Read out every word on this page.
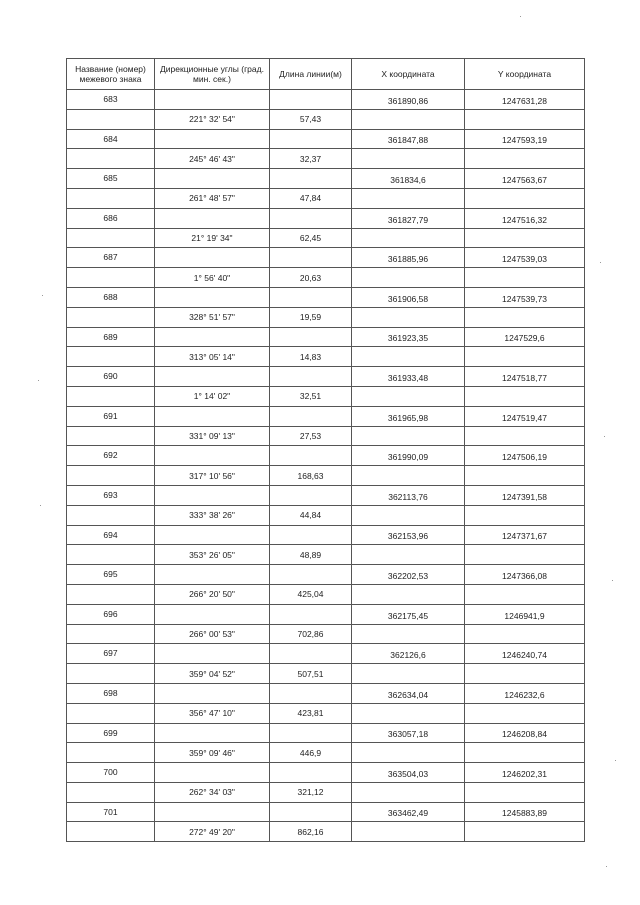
Название (номер) межевого знака	Дирекционные углы (град. мин. сек.)	Длина линии(м)	X координата	Y координата
683			361890,86	1247631,28
	221° 32' 54"	57,43		
684			361847,88	1247593,19
	245° 46' 43"	32,37		
685			361834,6	1247563,67
	261° 48' 57"	47,84		
686			361827,79	1247516,32
	21° 19' 34"	62,45		
687			361885,96	1247539,03
	1° 56' 40"	20,63		
688			361906,58	1247539,73
	328° 51' 57"	19,59		
689			361923,35	1247529,6
	313° 05' 14"	14,83		
690			361933,48	1247518,77
	1° 14' 02"	32,51		
691			361965,98	1247519,47
	331° 09' 13"	27,53		
692			361990,09	1247506,19
	317° 10' 56"	168,63		
693			362113,76	1247391,58
	333° 38' 26"	44,84		
694			362153,96	1247371,67
	353° 26' 05"	48,89		
695			362202,53	1247366,08
	266° 20' 50"	425,04		
696			362175,45	1246941,9
	266° 00' 53"	702,86		
697			362126,6	1246240,74
	359° 04' 52"	507,51		
698			362634,04	1246232,6
	356° 47' 10"	423,81		
699			363057,18	1246208,84
	359° 09' 46"	446,9		
700			363504,03	1246202,31
	262° 34' 03"	321,12		
701			363462,49	1245883,89
	272° 49' 20"	862,16		
